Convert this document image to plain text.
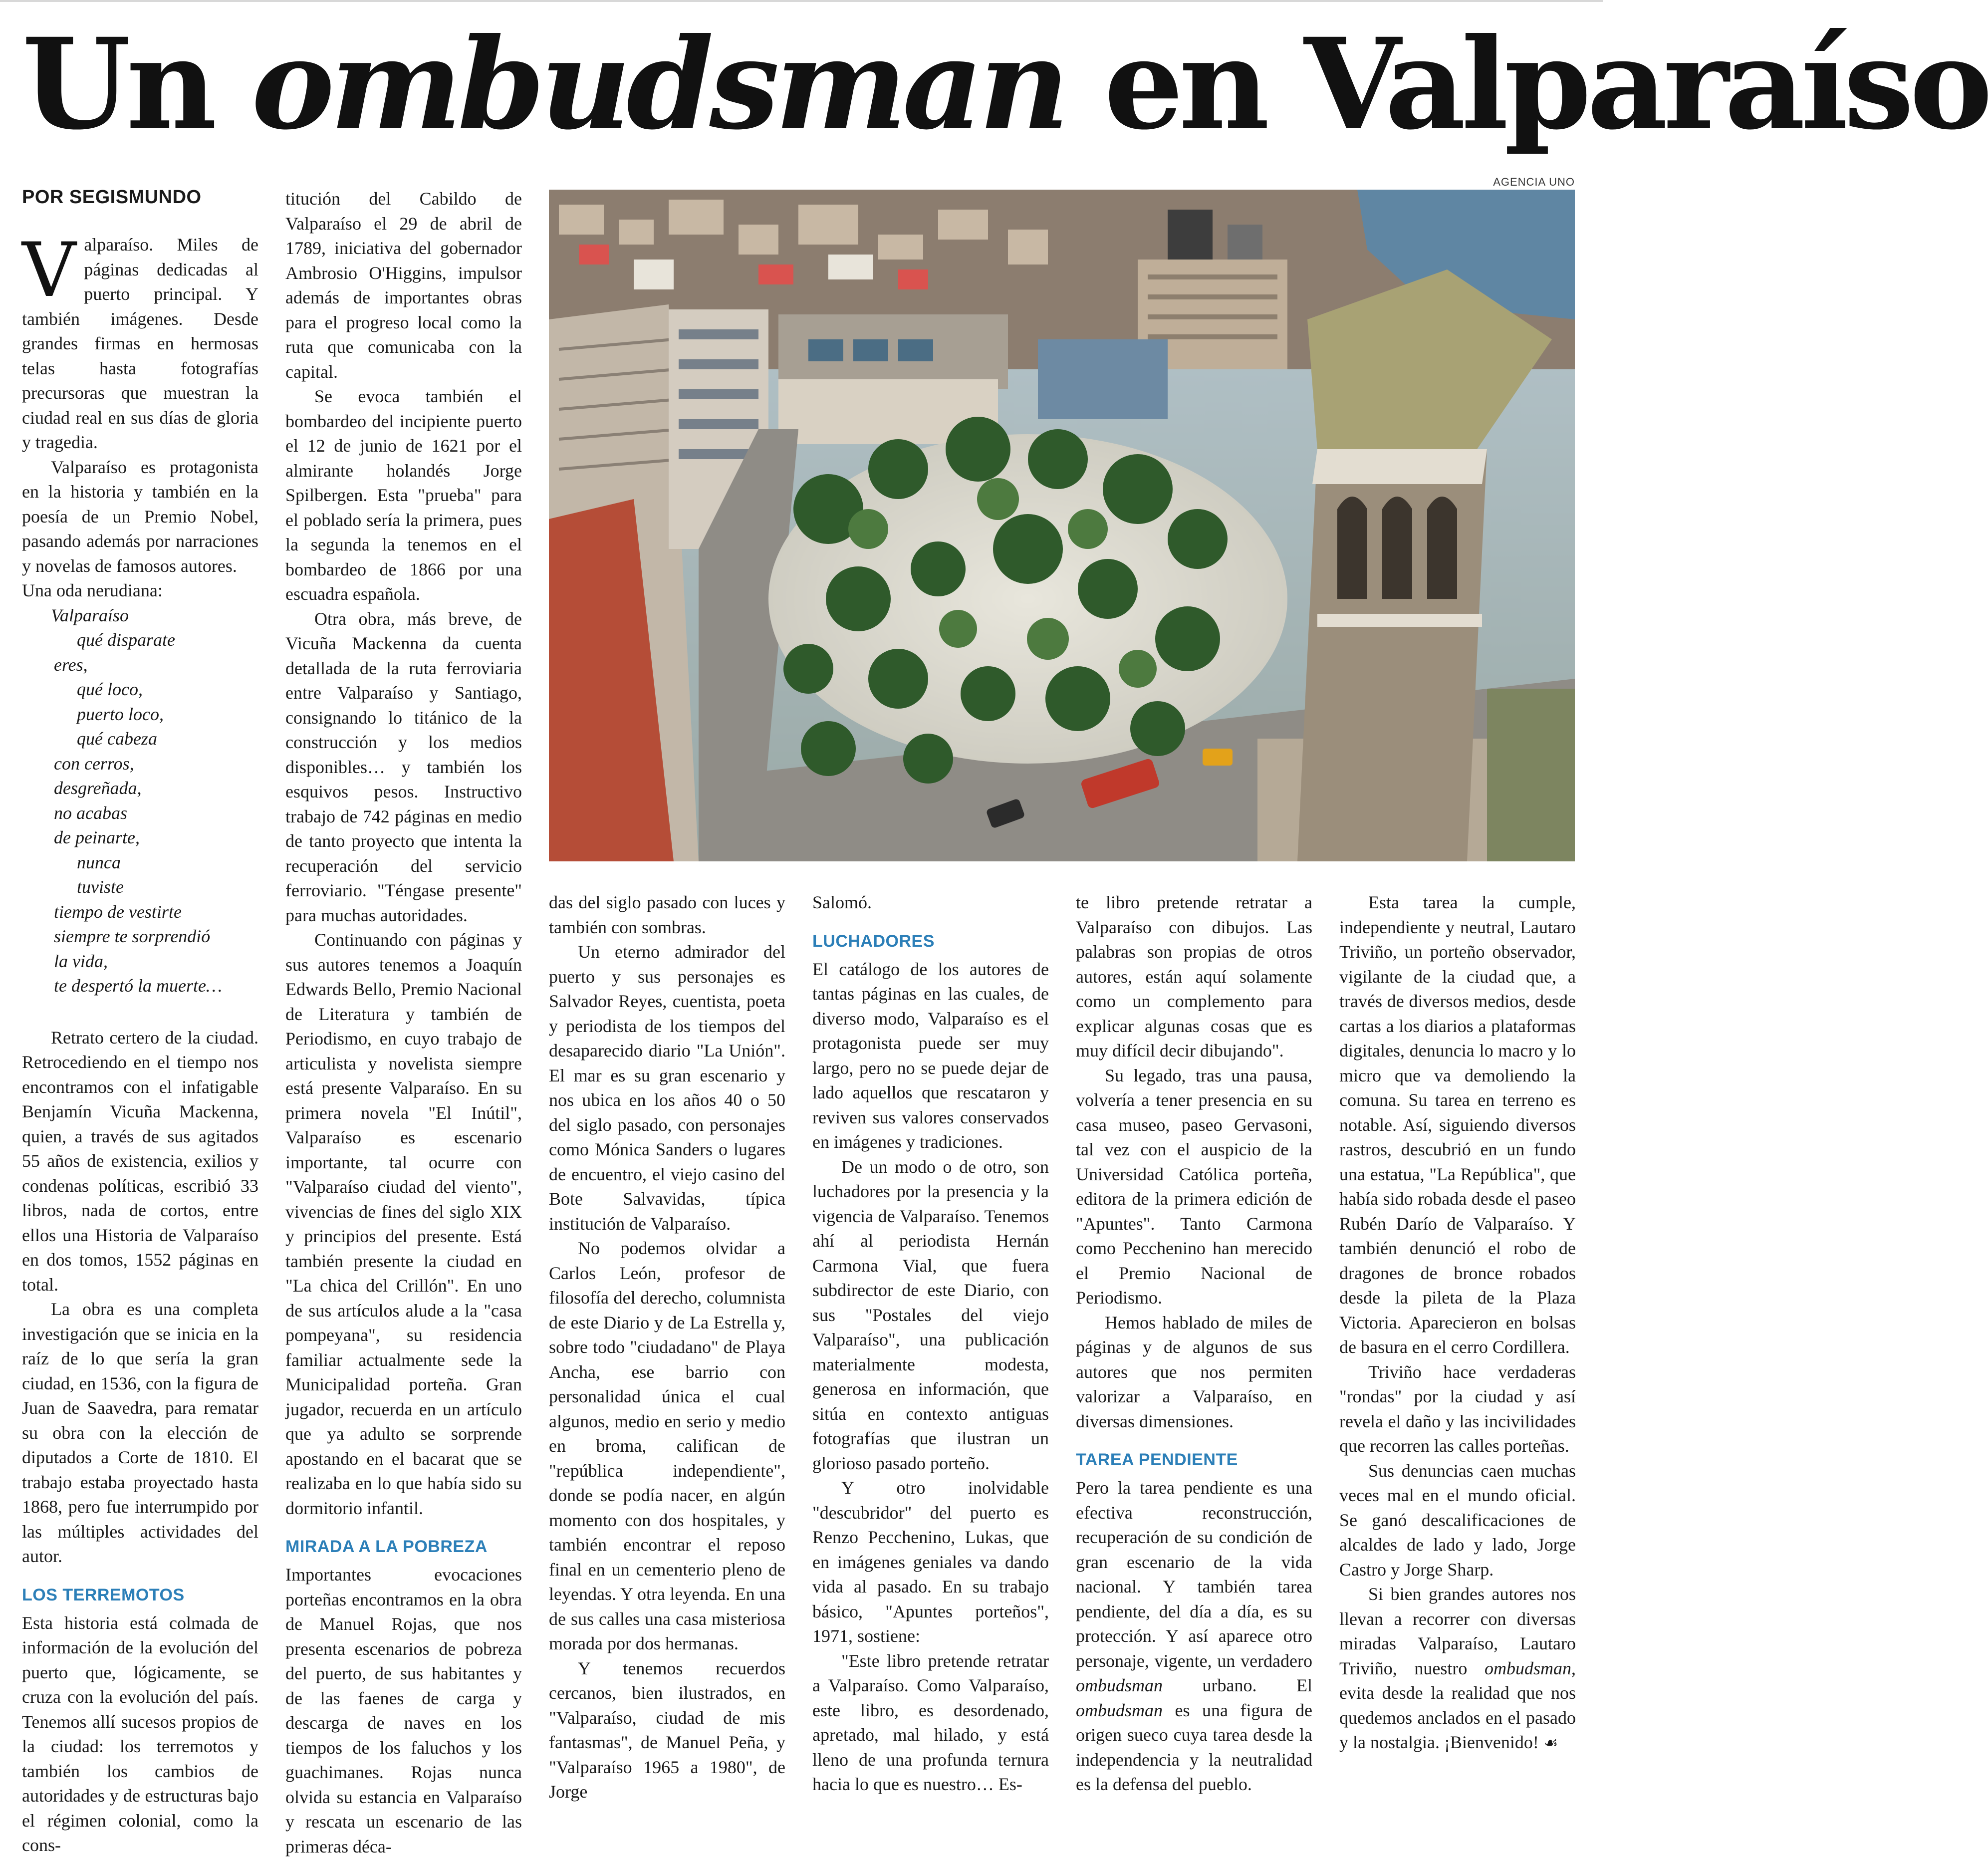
Un ombudsman en Valparaíso
POR SEGISMUNDO

Valparaíso. Miles de páginas dedicadas al puerto principal. Y también imágenes. Desde grandes firmas en hermosas telas hasta fotografías precursoras que muestran la ciudad real en sus días de gloria y tragedia.

Valparaíso es protagonista en la historia y también en la poesía de un Premio Nobel, pasando además por narraciones y novelas de famosos autores.

Una oda nerudiana:

Valparaíso
qué disparate
eres,
qué loco,
puerto loco,
qué cabeza
con cerros,
desgreñada,
no acabas
de peinarte,
nunca
tuviste
tiempo de vestirte
siempre te sorprendió
la vida,
te despertó la muerte…

Retrato certero de la ciudad. Retrocediendo en el tiempo nos encontramos con el infatigable Benjamín Vicuña Mackenna, quien, a través de sus agitados 55 años de existencia, exilios y condenas políticas, escribió 33 libros, nada de cortos, entre ellos una Historia de Valparaíso en dos tomos, 1552 páginas en total.

La obra es una completa investigación que se inicia en la raíz de lo que sería la gran ciudad, en 1536, con la figura de Juan de Saavedra, para rematar su obra con la elección de diputados a Corte de 1810. El trabajo estaba proyectado hasta 1868, pero fue interrumpido por las múltiples actividades del autor.

LOS TERREMOTOS

Esta historia está colmada de información de la evolución del puerto que, lógicamente, se cruza con la evolución del país. Tenemos allí sucesos propios de la ciudad: los terremotos y también los cambios de autoridades y de estructuras bajo el régimen colonial, como la cons-

titución del Cabildo de Valparaíso el 29 de abril de 1789, iniciativa del gobernador Ambrosio O'Higgins, impulsor además de importantes obras para el progreso local como la ruta que comunicaba con la capital.

Se evoca también el bombardeo del incipiente puerto el 12 de junio de 1621 por el almirante holandés Jorge Spilbergen. Esta "prueba" para el poblado sería la primera, pues la segunda la tenemos en el bombardeo de 1866 por una escuadra española.

Otra obra, más breve, de Vicuña Mackenna da cuenta detallada de la ruta ferroviaria entre Valparaíso y Santiago, consignando lo titánico de la construcción y los medios disponibles… y también los esquivos pesos. Instructivo trabajo de 742 páginas en medio de tanto proyecto que intenta la recuperación del servicio ferroviario. "Téngase presente" para muchas autoridades.

Continuando con páginas y sus autores tenemos a Joaquín Edwards Bello, Premio Nacional de Literatura y también de Periodismo, en cuyo trabajo de articulista y novelista siempre está presente Valparaíso. En su primera novela "El Inútil", Valparaíso es escenario importante, tal ocurre con "Valparaíso ciudad del viento", vivencias de fines del siglo XIX y principios del presente. Está también presente la ciudad en "La chica del Crillón". En uno de sus artículos alude a la "casa pompeyana", su residencia familiar actualmente sede la Municipalidad porteña. Gran jugador, recuerda en un artículo que ya adulto se sorprende apostando en el bacarat que se realizaba en lo que había sido su dormitorio infantil.

MIRADA A LA POBREZA

Importantes evocaciones porteñas encontramos en la obra de Manuel Rojas, que nos presenta escenarios de pobreza del puerto, de sus habitantes y de las faenes de carga y descarga de naves en los tiempos de los faluchos y los guachimanes. Rojas nunca olvida su estancia en Valparaíso y rescata un escenario de las primeras déca-

AGENCIA UNO

das del siglo pasado con luces y también con sombras.

Un eterno admirador del puerto y sus personajes es Salvador Reyes, cuentista, poeta y periodista de los tiempos del desaparecido diario "La Unión". El mar es su gran escenario y nos ubica en los años 40 o 50 del siglo pasado, con personajes como Mónica Sanders o lugares de encuentro, el viejo casino del Bote Salvavidas, típica institución de Valparaíso.

No podemos olvidar a Carlos León, profesor de filosofía del derecho, columnista de este Diario y de La Estrella y, sobre todo "ciudadano" de Playa Ancha, ese barrio con personalidad única el cual algunos, medio en serio y medio en broma, califican de "república independiente", donde se podía nacer, en algún momento con dos hospitales, y también encontrar el reposo final en un cementerio pleno de leyendas. Y otra leyenda. En una de sus calles una casa misteriosa morada por dos hermanas.

Y tenemos recuerdos cercanos, bien ilustrados, en "Valparaíso, ciudad de mis fantasmas", de Manuel Peña, y "Valparaíso 1965 a 1980", de Jorge

Salomó.

LUCHADORES

El catálogo de los autores de tantas páginas en las cuales, de diverso modo, Valparaíso es el protagonista puede ser muy largo, pero no se puede dejar de lado aquellos que rescataron y reviven sus valores conservados en imágenes y tradiciones.

De un modo o de otro, son luchadores por la presencia y la vigencia de Valparaíso. Tenemos ahí al periodista Hernán Carmona Vial, que fuera subdirector de este Diario, con sus "Postales del viejo Valparaíso", una publicación materialmente modesta, generosa en información, que sitúa en contexto antiguas fotografías que ilustran un glorioso pasado porteño.

Y otro inolvidable "descubridor" del puerto es Renzo Pecchenino, Lukas, que en imágenes geniales va dando vida al pasado. En su trabajo básico, "Apuntes porteños", 1971, sostiene:

"Este libro pretende retratar a Valparaíso. Como Valparaíso, este libro, es desordenado, apretado, mal hilado, y está lleno de una profunda ternura hacia lo que es nuestro… Es-

te libro pretende retratar a Valparaíso con dibujos. Las palabras son propias de otros autores, están aquí solamente como un complemento para explicar algunas cosas que es muy difícil decir dibujando".

Su legado, tras una pausa, volvería a tener presencia en su casa museo, paseo Gervasoni, tal vez con el auspicio de la Universidad Católica porteña, editora de la primera edición de "Apuntes". Tanto Carmona como Pecchenino han merecido el Premio Nacional de Periodismo.

Hemos hablado de miles de páginas y de algunos de sus autores que nos permiten valorizar a Valparaíso, en diversas dimensiones.

TAREA PENDIENTE

Pero la tarea pendiente es una efectiva reconstrucción, recuperación de su condición de gran escenario de la vida nacional. Y también tarea pendiente, del día a día, es su protección. Y así aparece otro personaje, vigente, un verdadero ombudsman urbano. El ombudsman es una figura de origen sueco cuya tarea desde la independencia y la neutralidad es la defensa del pueblo.

Esta tarea la cumple, independiente y neutral, Lautaro Triviño, un porteño observador, vigilante de la ciudad que, a través de diversos medios, desde cartas a los diarios a plataformas digitales, denuncia lo macro y lo micro que va demoliendo la comuna. Su tarea en terreno es notable. Así, siguiendo diversos rastros, descubrió en un fundo una estatua, "La República", que había sido robada desde el paseo Rubén Darío de Valparaíso. Y también denunció el robo de dragones de bronce robados desde la pileta de la Plaza Victoria. Aparecieron en bolsas de basura en el cerro Cordillera.

Triviño hace verdaderas "rondas" por la ciudad y así revela el daño y las incivilidades que recorren las calles porteñas.

Sus denuncias caen muchas veces mal en el mundo oficial. Se ganó descalificaciones de alcaldes de lado y lado, Jorge Castro y Jorge Sharp.

Si bien grandes autores nos llevan a recorrer con diversas miradas Valparaíso, Lautaro Triviño, nuestro ombudsman, evita desde la realidad que nos quedemos anclados en el pasado y la nostalgia. ¡Bienvenido! ☙
